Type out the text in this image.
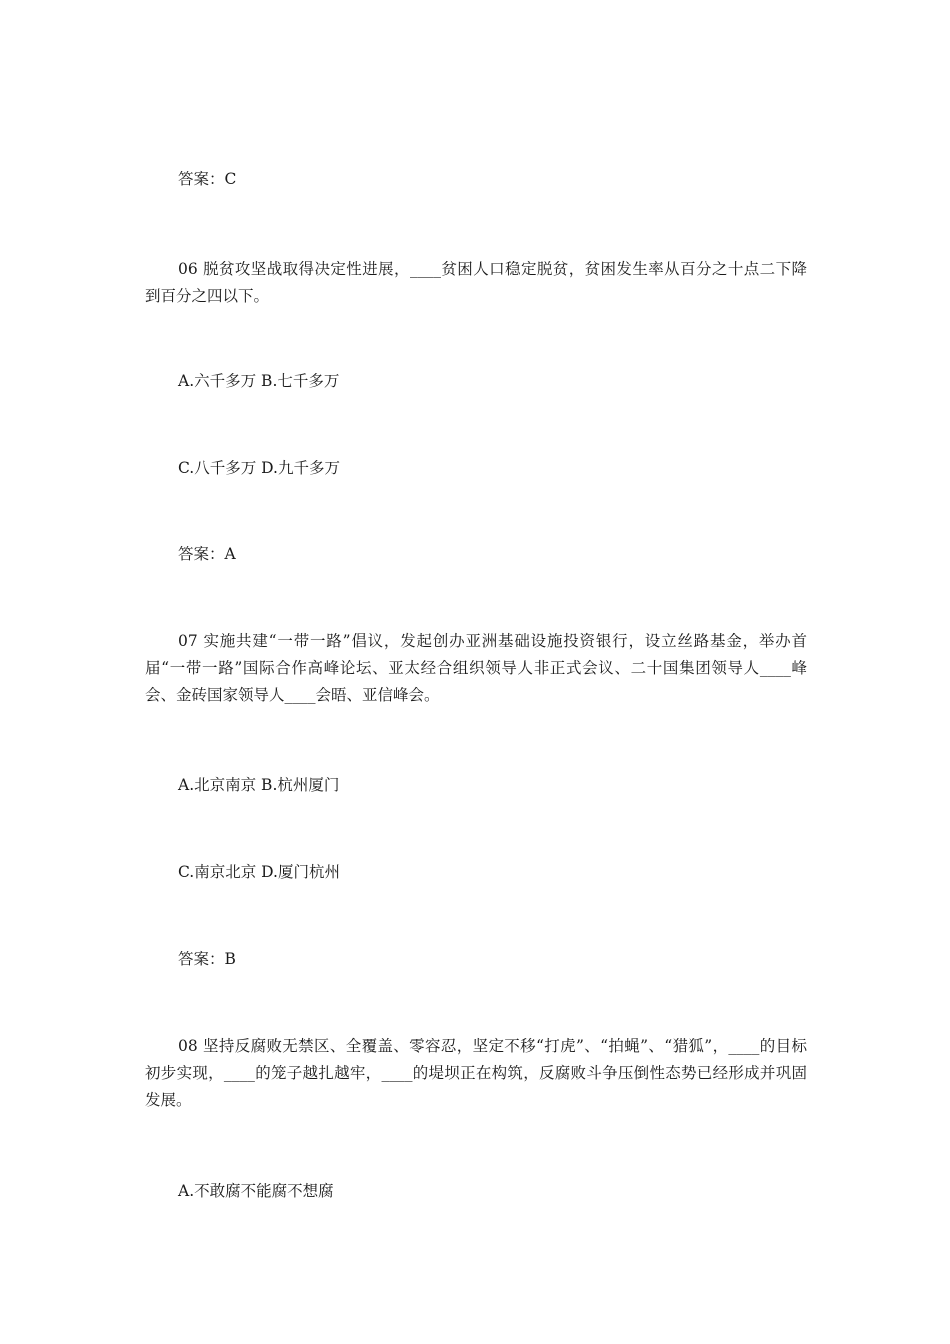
答案：C

06 脱贫攻坚战取得决定性进展，____贫困人口稳定脱贫，贫困发生率从百分之十点二下降到百分之四以下。

A.六千多万 B.七千多万

C.八千多万 D.九千多万

答案：A

07 实施共建“一带一路”倡议，发起创办亚洲基础设施投资银行，设立丝路基金，举办首届“一带一路”国际合作高峰论坛、亚太经合组织领导人非正式会议、二十国集团领导人____峰会、金砖国家领导人____会晤、亚信峰会。

A.北京南京 B.杭州厦门

C.南京北京 D.厦门杭州

答案：B

08 坚持反腐败无禁区、全覆盖、零容忍，坚定不移“打虎”、“拍蝇”、“猎狐”，____的目标初步实现，____的笼子越扎越牢，____的堤坝正在构筑，反腐败斗争压倒性态势已经形成并巩固发展。

A.不敢腐不能腐不想腐
